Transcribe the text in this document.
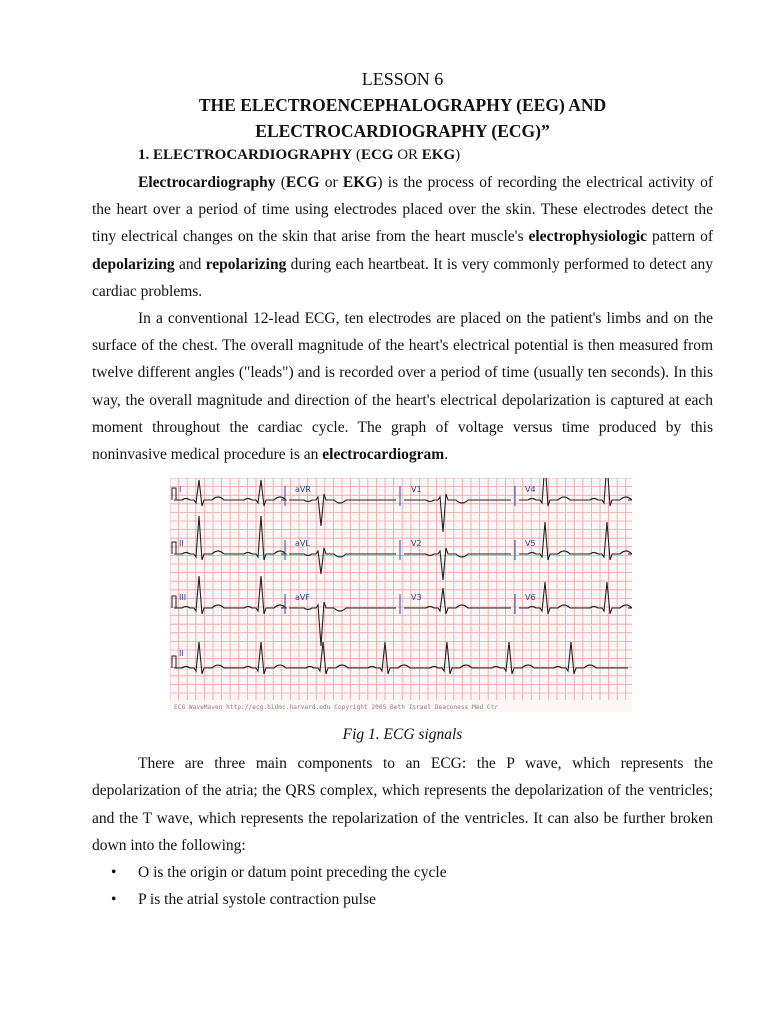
LESSON 6

THE ELECTROENCEPHALOGRAPHY (EEG) AND

ELECTROCARDIOGRAPHY (ECG)”

1. ELECTROCARDIOGRAPHY (ECG OR EKG)

Electrocardiography (ECG or EKG) is the process of recording the electrical activity of the heart over a period of time using electrodes placed over the skin. These electrodes detect the tiny electrical changes on the skin that arise from the heart muscle's electrophysiologic pattern of depolarizing and repolarizing during each heartbeat. It is very commonly performed to detect any cardiac problems.

In a conventional 12-lead ECG, ten electrodes are placed on the patient's limbs and on the surface of the chest. The overall magnitude of the heart's electrical potential is then measured from twelve different angles ("leads") and is recorded over a period of time (usually ten seconds). In this way, the overall magnitude and direction of the heart's electrical depolarization is captured at each moment throughout the cardiac cycle. The graph of voltage versus time produced by this noninvasive medical procedure is an electrocardiogram.

I	aVR	V1	V4
II	aVL	V2	V5
III	aVF	V3	V6
II
ECG WaveMaven http://ecg.bidmc.harvard.edu Copyright 2005 Beth Israel Deaconess Med Ctr

Fig 1. ECG signals

There are three main components to an ECG: the P wave, which represents the depolarization of the atria; the QRS complex, which represents the depolarization of the ventricles; and the T wave, which represents the repolarization of the ventricles. It can also be further broken down into the following:

• O is the origin or datum point preceding the cycle
• P is the atrial systole contraction pulse
